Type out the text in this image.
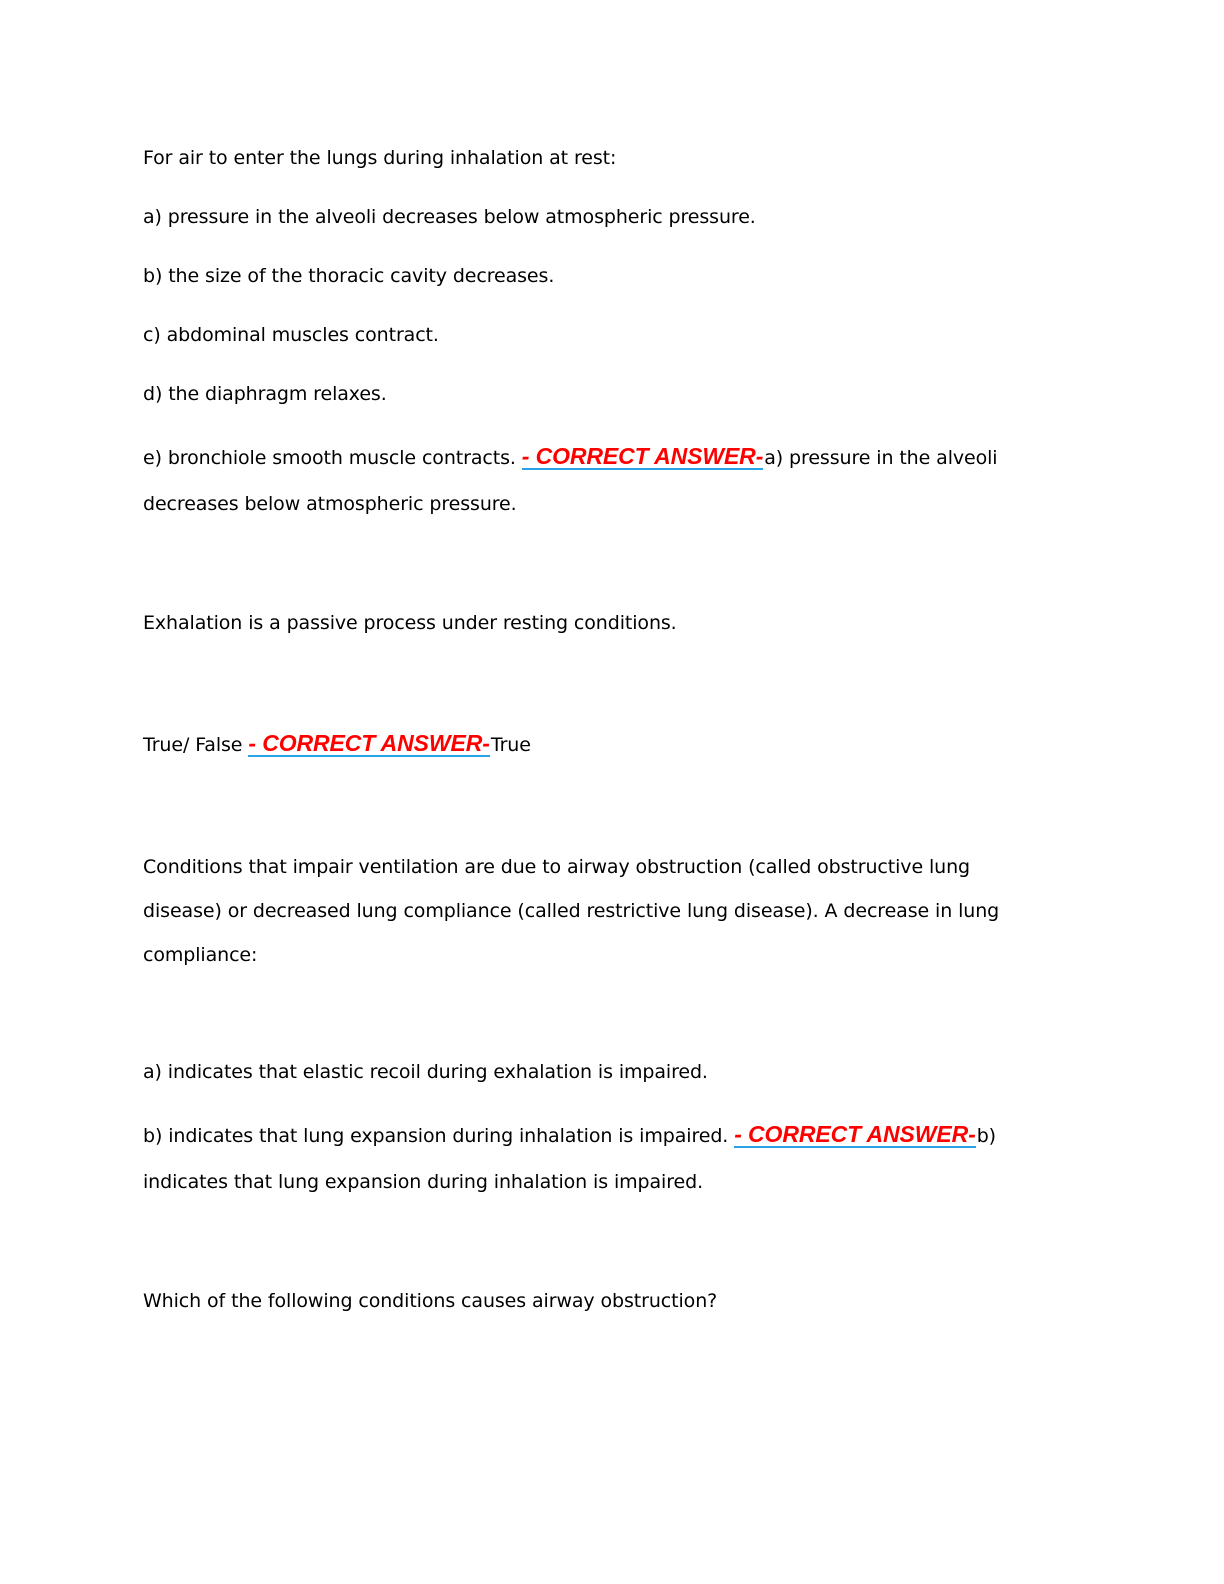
For air to enter the lungs during inhalation at rest:
a) pressure in the alveoli decreases below atmospheric pressure.
b) the size of the thoracic cavity decreases.
c) abdominal muscles contract.
d) the diaphragm relaxes.
e) bronchiole smooth muscle contracts. - CORRECT ANSWER-a) pressure in the alveoli
decreases below atmospheric pressure.
Exhalation is a passive process under resting conditions.
True/ False - CORRECT ANSWER-True
Conditions that impair ventilation are due to airway obstruction (called obstructive lung
disease) or decreased lung compliance (called restrictive lung disease). A decrease in lung
compliance:
a) indicates that elastic recoil during exhalation is impaired.
b) indicates that lung expansion during inhalation is impaired. - CORRECT ANSWER-b)
indicates that lung expansion during inhalation is impaired.
Which of the following conditions causes airway obstruction?
